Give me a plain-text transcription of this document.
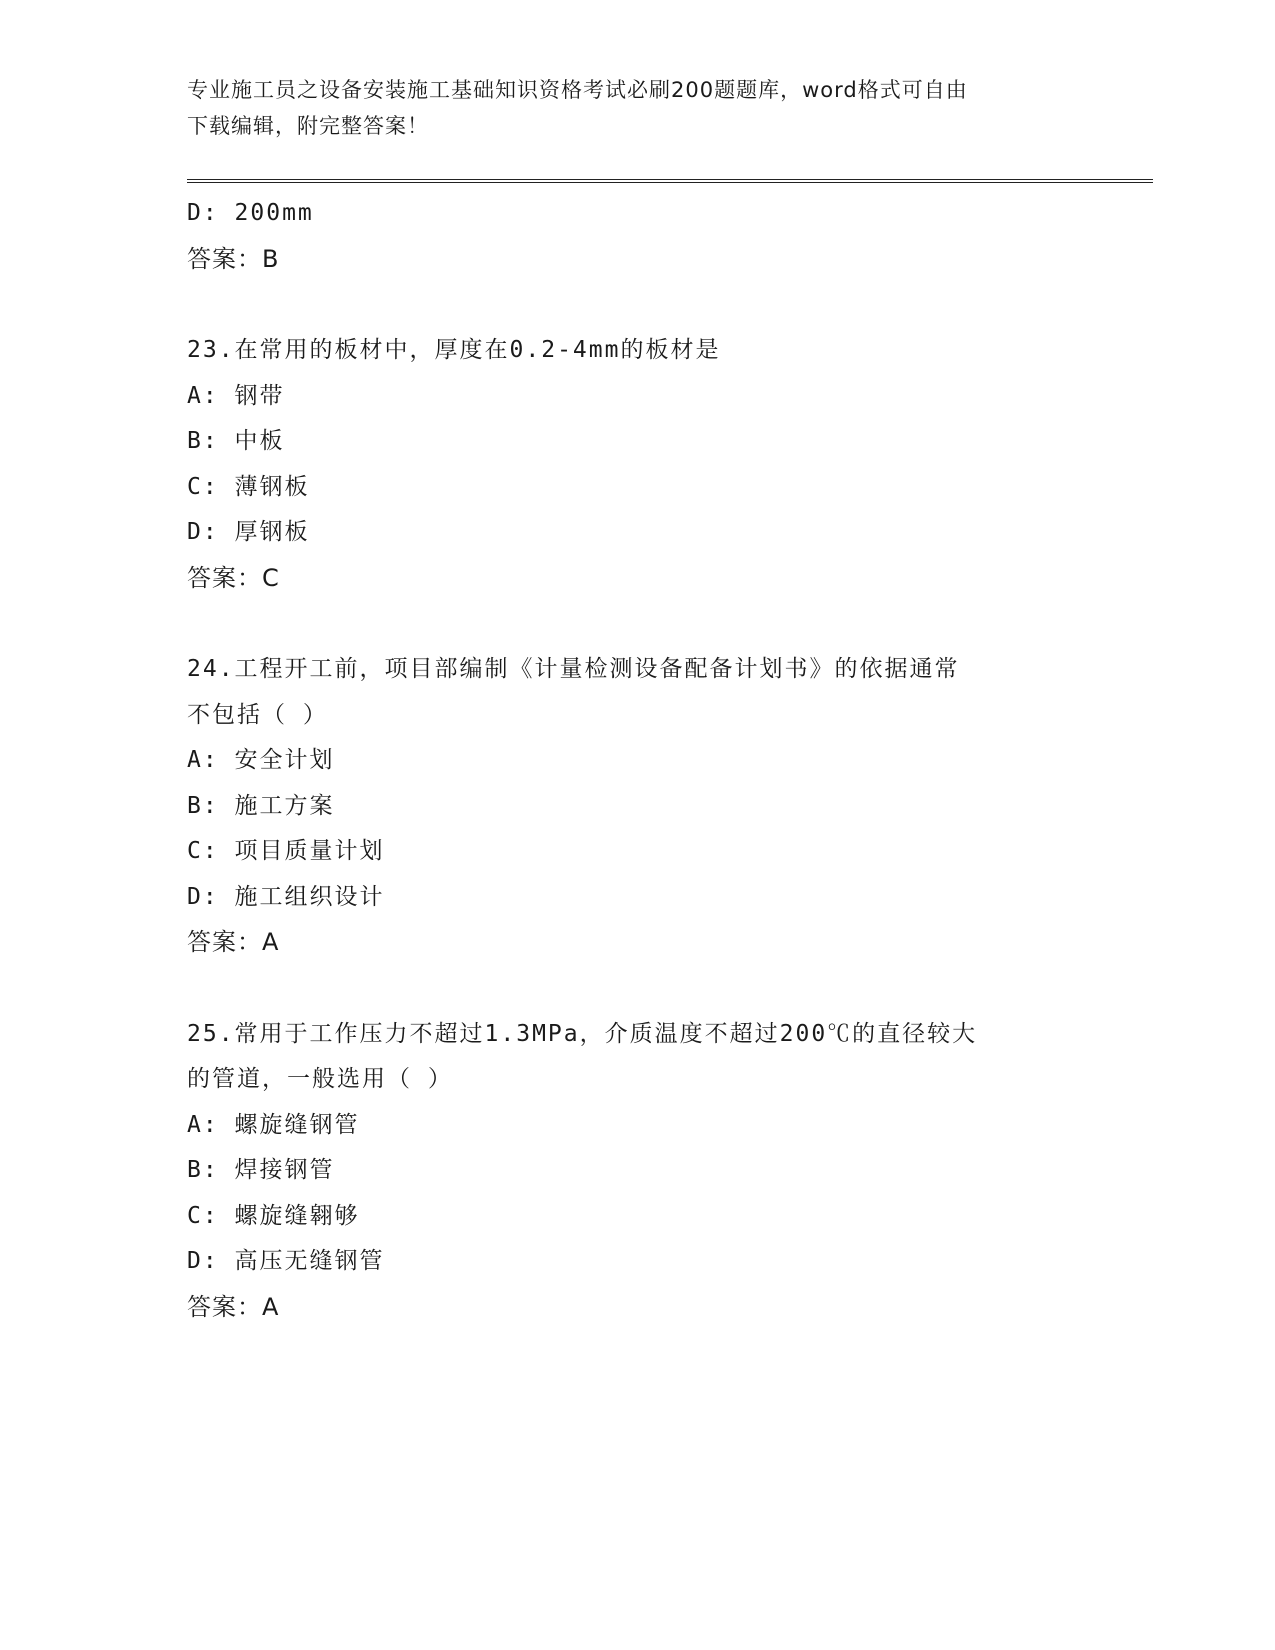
专业施工员之设备安装施工基础知识资格考试必刷200题题库，word格式可自由
下载编辑，附完整答案！
D: 200mm
答案：B
23.在常用的板材中，厚度在0.2-4mm的板材是
A: 钢带
B: 中板
C: 薄钢板
D: 厚钢板
答案：C
24.工程开工前，项目部编制《计量检测设备配备计划书》的依据通常
不包括（ ）
A: 安全计划
B: 施工方案
C: 项目质量计划
D: 施工组织设计
答案：A
25.常用于工作压力不超过1.3MPa，介质温度不超过200℃的直径较大
的管道，一般选用（ ）
A: 螺旋缝钢管
B: 焊接钢管
C: 螺旋缝翱够
D: 高压无缝钢管
答案：A
